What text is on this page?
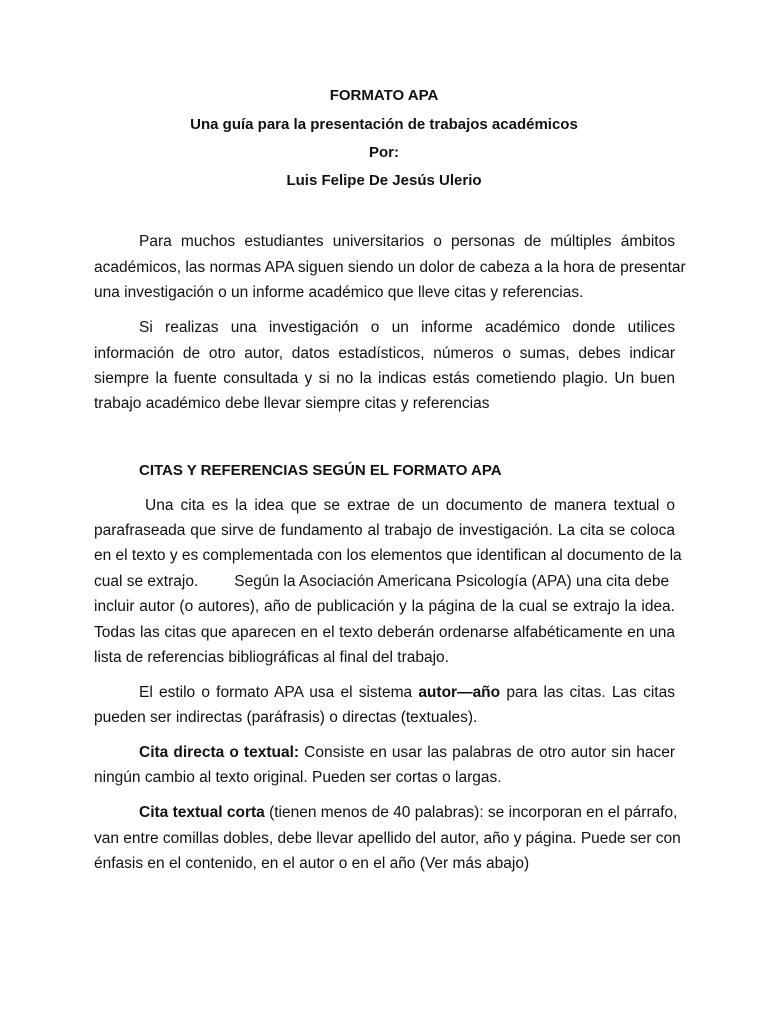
FORMATO APA
Una guía para la presentación de trabajos académicos
Por:
Luis Felipe De Jesús Ulerio
Para muchos estudiantes universitarios o personas de múltiples ámbitos
académicos, las normas APA siguen siendo un dolor de cabeza a la hora de presentar
una investigación o un informe académico que lleve citas y referencias.
Si realizas una investigación o un informe académico donde utilices
información de otro autor, datos estadísticos, números o sumas, debes indicar
siempre la fuente consultada y si no la indicas estás cometiendo plagio. Un buen
trabajo académico debe llevar siempre citas y referencias
CITAS Y REFERENCIAS SEGÚN EL FORMATO APA
Una cita es la idea que se extrae de un documento de manera textual o
parafraseada que sirve de fundamento al trabajo de investigación. La cita se coloca
en el texto y es complementada con los elementos que identifican al documento de la
cual se extrajo. Según la Asociación Americana Psicología (APA) una cita debe
incluir autor (o autores), año de publicación y la página de la cual se extrajo la idea.
Todas las citas que aparecen en el texto deberán ordenarse alfabéticamente en una
lista de referencias bibliográficas al final del trabajo.
El estilo o formato APA usa el sistema autor—año para las citas. Las citas
pueden ser indirectas (paráfrasis) o directas (textuales).
Cita directa o textual: Consiste en usar las palabras de otro autor sin hacer
ningún cambio al texto original. Pueden ser cortas o largas.
Cita textual corta (tienen menos de 40 palabras): se incorporan en el párrafo,
van entre comillas dobles, debe llevar apellido del autor, año y página. Puede ser con
énfasis en el contenido, en el autor o en el año (Ver más abajo)
